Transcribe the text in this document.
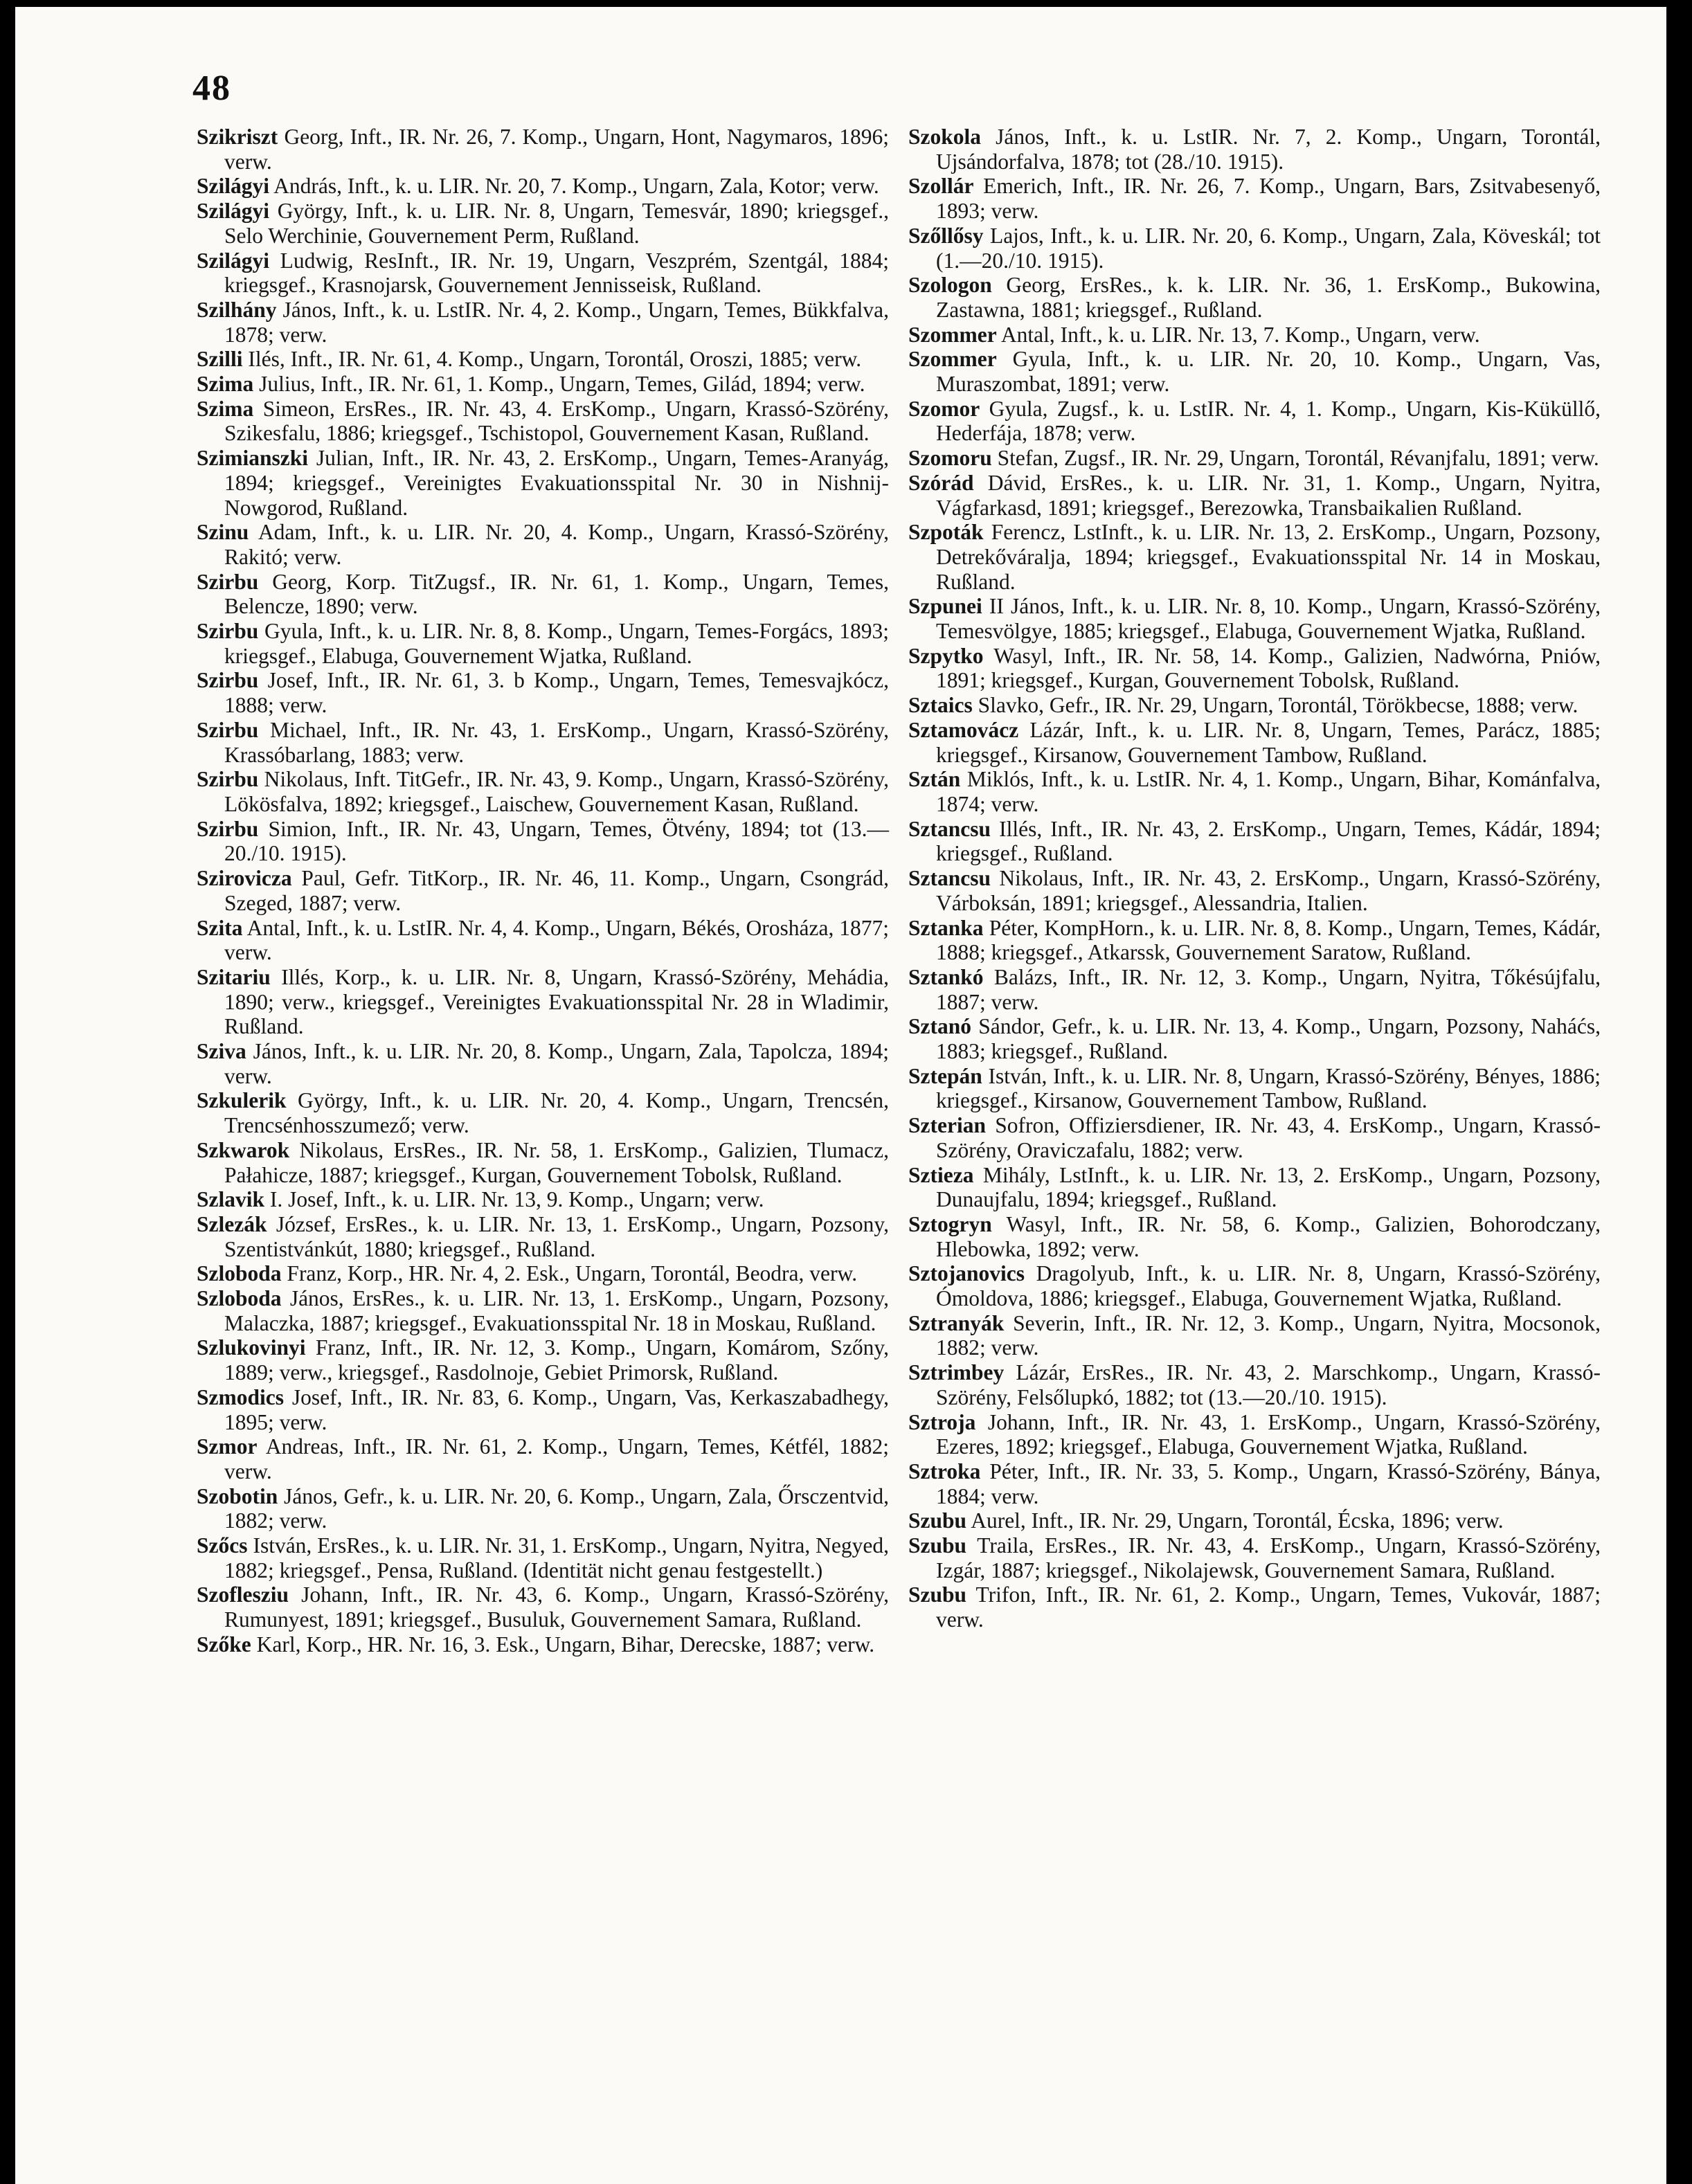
48

Szikriszt Georg, Inft., IR. Nr. 26, 7. Komp., Ungarn, Hont, Nagymaros, 1896; verw.

Szilágyi András, Inft., k. u. LIR. Nr. 20, 7. Komp., Ungarn, Zala, Kotor; verw.

Szilágyi György, Inft., k. u. LIR. Nr. 8, Ungarn, Temesvár, 1890; kriegsgef., Selo Werchinie, Gouvernement Perm, Rußland.

Szilágyi Ludwig, ResInft., IR. Nr. 19, Ungarn, Veszprém, Szentgál, 1884; kriegsgef., Krasnojarsk, Gouvernement Jennisseisk, Rußland.

Szilhány János, Inft., k. u. LstIR. Nr. 4, 2. Komp., Ungarn, Temes, Bükkfalva, 1878; verw.

Szilli Ilés, Inft., IR. Nr. 61, 4. Komp., Ungarn, Torontál, Oroszi, 1885; verw.

Szima Julius, Inft., IR. Nr. 61, 1. Komp., Ungarn, Temes, Gilád, 1894; verw.

Szima Simeon, ErsRes., IR. Nr. 43, 4. ErsKomp., Ungarn, Krassó-Szörény, Szikesfalu, 1886; kriegsgef., Tschistopol, Gouvernement Kasan, Rußland.

Szimianszki Julian, Inft., IR. Nr. 43, 2. ErsKomp., Ungarn, Temes-Aranyág, 1894; kriegsgef., Vereinigtes Evakuationsspital Nr. 30 in Nishnij-Nowgorod, Rußland.

Szinu Adam, Inft., k. u. LIR. Nr. 20, 4. Komp., Ungarn, Krassó-Szörény, Rakitó; verw.

Szirbu Georg, Korp. TitZugsf., IR. Nr. 61, 1. Komp., Ungarn, Temes, Belencze, 1890; verw.

Szirbu Gyula, Inft., k. u. LIR. Nr. 8, 8. Komp., Ungarn, Temes-Forgács, 1893; kriegsgef., Elabuga, Gouvernement Wjatka, Rußland.

Szirbu Josef, Inft., IR. Nr. 61, 3. b Komp., Ungarn, Temes, Temesvajkócz, 1888; verw.

Szirbu Michael, Inft., IR. Nr. 43, 1. ErsKomp., Ungarn, Krassó-Szörény, Krassóbarlang, 1883; verw.

Szirbu Nikolaus, Inft. TitGefr., IR. Nr. 43, 9. Komp., Ungarn, Krassó-Szörény, Lökösfalva, 1892; kriegsgef., Laischew, Gouvernement Kasan, Rußland.

Szirbu Simion, Inft., IR. Nr. 43, Ungarn, Temes, Ötvény, 1894; tot (13.—20./10. 1915).

Szirovicza Paul, Gefr. TitKorp., IR. Nr. 46, 11. Komp., Ungarn, Csongrád, Szeged, 1887; verw.

Szita Antal, Inft., k. u. LstIR. Nr. 4, 4. Komp., Ungarn, Békés, Orosháza, 1877; verw.

Szitariu Illés, Korp., k. u. LIR. Nr. 8, Ungarn, Krassó-Szörény, Mehádia, 1890; verw., kriegsgef., Vereinigtes Evakuationsspital Nr. 28 in Wladimir, Rußland.

Sziva János, Inft., k. u. LIR. Nr. 20, 8. Komp., Ungarn, Zala, Tapolcza, 1894; verw.

Szkulerik György, Inft., k. u. LIR. Nr. 20, 4. Komp., Ungarn, Trencsén, Trencsénhosszumező; verw.

Szkwarok Nikolaus, ErsRes., IR. Nr. 58, 1. ErsKomp., Galizien, Tlumacz, Pałahicze, 1887; kriegsgef., Kurgan, Gouvernement Tobolsk, Rußland.

Szlavik I. Josef, Inft., k. u. LIR. Nr. 13, 9. Komp., Ungarn; verw.

Szlezák József, ErsRes., k. u. LIR. Nr. 13, 1. ErsKomp., Ungarn, Pozsony, Szentistvánkút, 1880; kriegsgef., Rußland.

Szloboda Franz, Korp., HR. Nr. 4, 2. Esk., Ungarn, Torontál, Beodra, verw.

Szloboda János, ErsRes., k. u. LIR. Nr. 13, 1. ErsKomp., Ungarn, Pozsony, Malaczka, 1887; kriegsgef., Evakuationsspital Nr. 18 in Moskau, Rußland.

Szlukovinyi Franz, Inft., IR. Nr. 12, 3. Komp., Ungarn, Komárom, Szőny, 1889; verw., kriegsgef., Rasdolnoje, Gebiet Primorsk, Rußland.

Szmodics Josef, Inft., IR. Nr. 83, 6. Komp., Ungarn, Vas, Kerkaszabadhegy, 1895; verw.

Szmor Andreas, Inft., IR. Nr. 61, 2. Komp., Ungarn, Temes, Kétfél, 1882; verw.

Szobotin János, Gefr., k. u. LIR. Nr. 20, 6. Komp., Ungarn, Zala, Őrsczentvid, 1882; verw.

Szőcs István, ErsRes., k. u. LIR. Nr. 31, 1. ErsKomp., Ungarn, Nyitra, Negyed, 1882; kriegsgef., Pensa, Rußland. (Identität nicht genau festgestellt.)

Szoflesziu Johann, Inft., IR. Nr. 43, 6. Komp., Ungarn, Krassó-Szörény, Rumunyest, 1891; kriegsgef., Busuluk, Gouvernement Samara, Rußland.

Szőke Karl, Korp., HR. Nr. 16, 3. Esk., Ungarn, Bihar, Derecske, 1887; verw.

Szokola János, Inft., k. u. LstIR. Nr. 7, 2. Komp., Ungarn, Torontál, Ujsándorfalva, 1878; tot (28./10. 1915).

Szollár Emerich, Inft., IR. Nr. 26, 7. Komp., Ungarn, Bars, Zsitvabesenyő, 1893; verw.

Szőllősy Lajos, Inft., k. u. LIR. Nr. 20, 6. Komp., Ungarn, Zala, Köveskál; tot (1.—20./10. 1915).

Szologon Georg, ErsRes., k. k. LIR. Nr. 36, 1. ErsKomp., Bukowina, Zastawna, 1881; kriegsgef., Rußland.

Szommer Antal, Inft., k. u. LIR. Nr. 13, 7. Komp., Ungarn, verw.

Szommer Gyula, Inft., k. u. LIR. Nr. 20, 10. Komp., Ungarn, Vas, Muraszombat, 1891; verw.

Szomor Gyula, Zugsf., k. u. LstIR. Nr. 4, 1. Komp., Ungarn, Kis-Küküllő, Hederfája, 1878; verw.

Szomoru Stefan, Zugsf., IR. Nr. 29, Ungarn, Torontál, Révanjfalu, 1891; verw.

Szórád Dávid, ErsRes., k. u. LIR. Nr. 31, 1. Komp., Ungarn, Nyitra, Vágfarkasd, 1891; kriegsgef., Berezowka, Transbaikalien Rußland.

Szpoták Ferencz, LstInft., k. u. LIR. Nr. 13, 2. ErsKomp., Ungarn, Pozsony, Detrekőváralja, 1894; kriegsgef., Evakuationsspital Nr. 14 in Moskau, Rußland.

Szpunei II János, Inft., k. u. LIR. Nr. 8, 10. Komp., Ungarn, Krassó-Szörény, Temesvölgye, 1885; kriegsgef., Elabuga, Gouvernement Wjatka, Rußland.

Szpytko Wasyl, Inft., IR. Nr. 58, 14. Komp., Galizien, Nadwórna, Pniów, 1891; kriegsgef., Kurgan, Gouvernement Tobolsk, Rußland.

Sztaics Slavko, Gefr., IR. Nr. 29, Ungarn, Torontál, Törökbecse, 1888; verw.

Sztamovácz Lázár, Inft., k. u. LIR. Nr. 8, Ungarn, Temes, Parácz, 1885; kriegsgef., Kirsanow, Gouvernement Tambow, Rußland.

Sztán Miklós, Inft., k. u. LstIR. Nr. 4, 1. Komp., Ungarn, Bihar, Kománfalva, 1874; verw.

Sztancsu Illés, Inft., IR. Nr. 43, 2. ErsKomp., Ungarn, Temes, Kádár, 1894; kriegsgef., Rußland.

Sztancsu Nikolaus, Inft., IR. Nr. 43, 2. ErsKomp., Ungarn, Krassó-Szörény, Várboksán, 1891; kriegsgef., Alessandria, Italien.

Sztanka Péter, KompHorn., k. u. LIR. Nr. 8, 8. Komp., Ungarn, Temes, Kádár, 1888; kriegsgef., Atkarssk, Gouvernement Saratow, Rußland.

Sztankó Balázs, Inft., IR. Nr. 12, 3. Komp., Ungarn, Nyitra, Tőkésújfalu, 1887; verw.

Sztanó Sándor, Gefr., k. u. LIR. Nr. 13, 4. Komp., Ungarn, Pozsony, Naháćs, 1883; kriegsgef., Rußland.

Sztepán István, Inft., k. u. LIR. Nr. 8, Ungarn, Krassó-Szörény, Bényes, 1886; kriegsgef., Kirsanow, Gouvernement Tambow, Rußland.

Szterian Sofron, Offiziersdiener, IR. Nr. 43, 4. ErsKomp., Ungarn, Krassó-Szörény, Oraviczafalu, 1882; verw.

Sztieza Mihály, LstInft., k. u. LIR. Nr. 13, 2. ErsKomp., Ungarn, Pozsony, Dunaujfalu, 1894; kriegsgef., Rußland.

Sztogryn Wasyl, Inft., IR. Nr. 58, 6. Komp., Galizien, Bohorodczany, Hlebowka, 1892; verw.

Sztojanovics Dragolyub, Inft., k. u. LIR. Nr. 8, Ungarn, Krassó-Szörény, Ómoldova, 1886; kriegsgef., Elabuga, Gouvernement Wjatka, Rußland.

Sztranyák Severin, Inft., IR. Nr. 12, 3. Komp., Ungarn, Nyitra, Mocsonok, 1882; verw.

Sztrimbey Lázár, ErsRes., IR. Nr. 43, 2. Marschkomp., Ungarn, Krassó-Szörény, Felsőlupkó, 1882; tot (13.—20./10. 1915).

Sztroja Johann, Inft., IR. Nr. 43, 1. ErsKomp., Ungarn, Krassó-Szörény, Ezeres, 1892; kriegsgef., Elabuga, Gouvernement Wjatka, Rußland.

Sztroka Péter, Inft., IR. Nr. 33, 5. Komp., Ungarn, Krassó-Szörény, Bánya, 1884; verw.

Szubu Aurel, Inft., IR. Nr. 29, Ungarn, Torontál, Écska, 1896; verw.

Szubu Traila, ErsRes., IR. Nr. 43, 4. ErsKomp., Ungarn, Krassó-Szörény, Izgár, 1887; kriegsgef., Nikolajewsk, Gouvernement Samara, Rußland.

Szubu Trifon, Inft., IR. Nr. 61, 2. Komp., Ungarn, Temes, Vukovár, 1887; verw.
